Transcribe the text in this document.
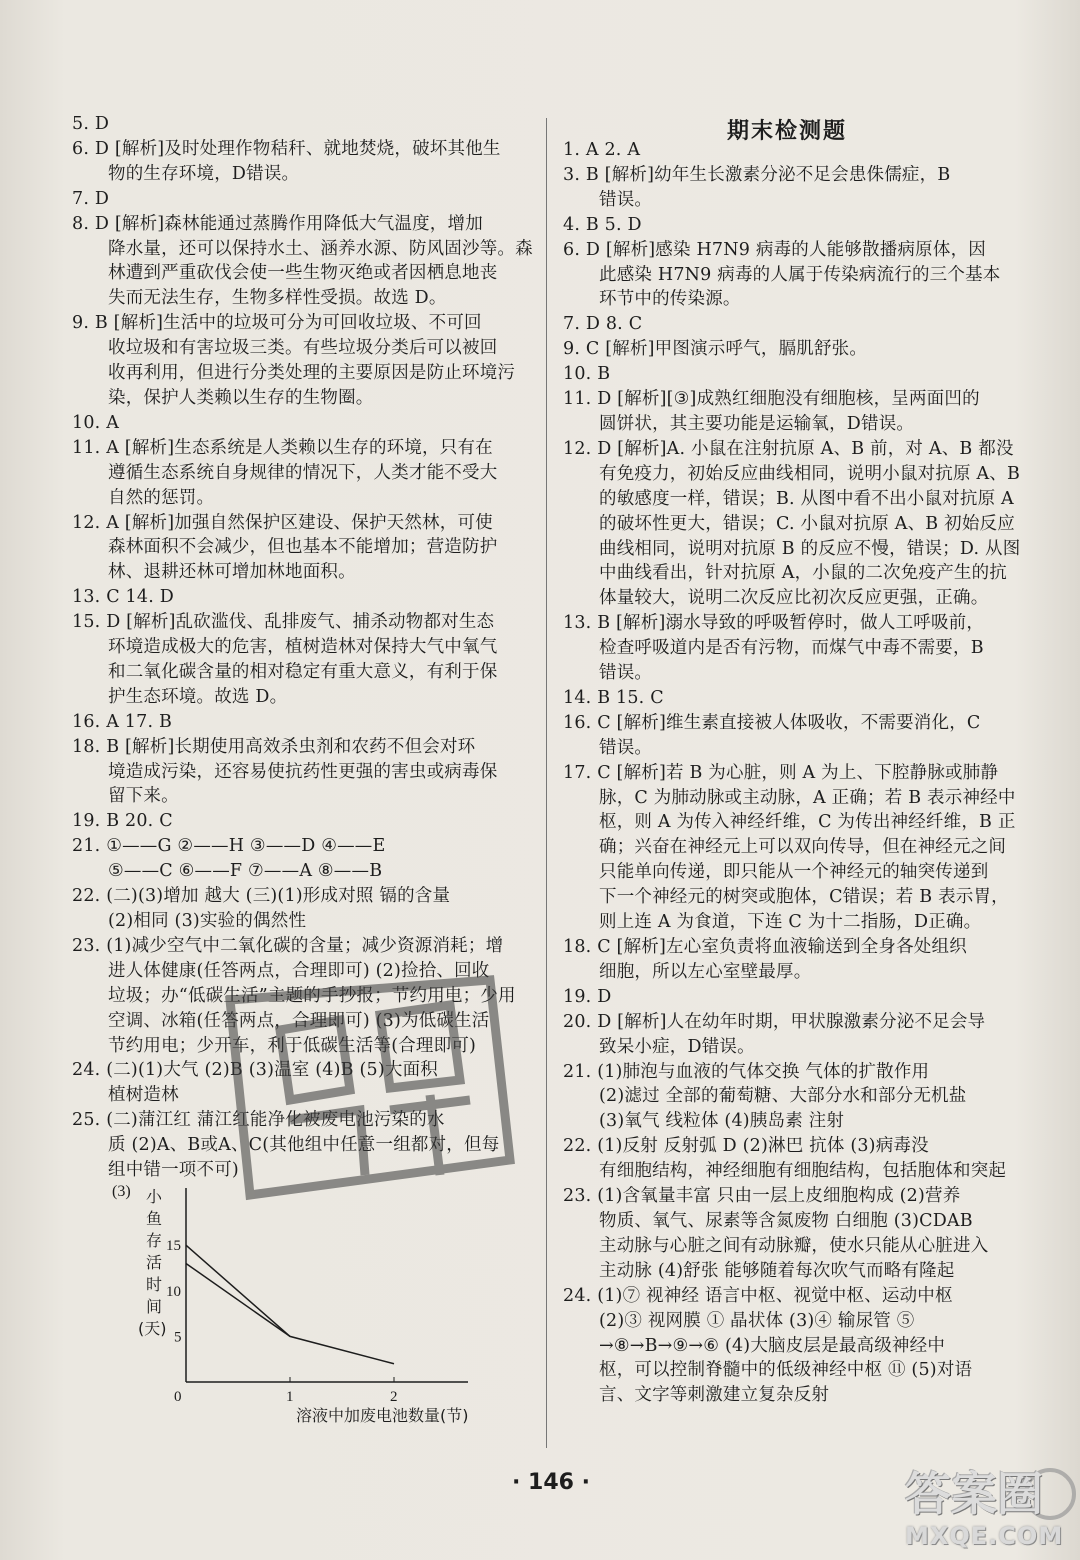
5. D
6. D [解析]及时处理作物秸秆、就地焚烧，破坏其他生
物的生存环境，D错误。
7. D
8. D [解析]森林能通过蒸腾作用降低大气温度，增加
降水量，还可以保持水土、涵养水源、防风固沙等。森
林遭到严重砍伐会使一些生物灭绝或者因栖息地丧
失而无法生存，生物多样性受损。故选 D。
9. B [解析]生活中的垃圾可分为可回收垃圾、不可回
收垃圾和有害垃圾三类。有些垃圾分类后可以被回
收再利用，但进行分类处理的主要原因是防止环境污
染，保护人类赖以生存的生物圈。
10. A
11. A [解析]生态系统是人类赖以生存的环境，只有在
遵循生态系统自身规律的情况下，人类才能不受大
自然的惩罚。
12. A [解析]加强自然保护区建设、保护天然林，可使
森林面积不会减少，但也基本不能增加；营造防护
林、退耕还林可增加林地面积。
13. C 14. D
15. D [解析]乱砍滥伐、乱排废气、捕杀动物都对生态
环境造成极大的危害，植树造林对保持大气中氧气
和二氧化碳含量的相对稳定有重大意义，有利于保
护生态环境。故选 D。
16. A 17. B
18. B [解析]长期使用高效杀虫剂和农药不但会对环
境造成污染，还容易使抗药性更强的害虫或病毒保
留下来。
19. B 20. C
21. ①——G ②——H ③——D ④——E
⑤——C ⑥——F ⑦——A ⑧——B
22. (二)(3)增加 越大 (三)(1)形成对照 镉的含量
(2)相同 (3)实验的偶然性
23. (1)减少空气中二氧化碳的含量；减少资源消耗；增
进人体健康(任答两点，合理即可) (2)捡拾、回收
垃圾；办“低碳生活”主题的手抄报；节约用电；少用
空调、冰箱(任答两点，合理即可) (3)为低碳生活
节约用电；少开车，利于低碳生活等(合理即可)
24. (二)(1)大气 (2)B (3)温室 (4)B (5)大面积
植树造林
25. (二)蒲江红 蒲江红能净化被废电池污染的水
质 (2)A、B或A、C(其他组中任意一组都对，但每
组中错一项不可)
期末检测题
1. A 2. A
3. B [解析]幼年生长激素分泌不足会患侏儒症，B
错误。
4. B 5. D
6. D [解析]感染 H7N9 病毒的人能够散播病原体，因
此感染 H7N9 病毒的人属于传染病流行的三个基本
环节中的传染源。
7. D 8. C
9. C [解析]甲图演示呼气，膈肌舒张。
10. B
11. D [解析][③]成熟红细胞没有细胞核，呈两面凹的
圆饼状，其主要功能是运输氧，D错误。
12. D [解析]A. 小鼠在注射抗原 A、B 前，对 A、B 都没
有免疫力，初始反应曲线相同，说明小鼠对抗原 A、B
的敏感度一样，错误；B. 从图中看不出小鼠对抗原 A
的破坏性更大，错误；C. 小鼠对抗原 A、B 初始反应
曲线相同，说明对抗原 B 的反应不慢，错误；D. 从图
中曲线看出，针对抗原 A，小鼠的二次免疫产生的抗
体量较大，说明二次反应比初次反应更强，正确。
13. B [解析]溺水导致的呼吸暂停时，做人工呼吸前，
检查呼吸道内是否有污物，而煤气中毒不需要，B
错误。
14. B 15. C
16. C [解析]维生素直接被人体吸收，不需要消化，C
错误。
17. C [解析]若 B 为心脏，则 A 为上、下腔静脉或肺静
脉，C 为肺动脉或主动脉，A 正确；若 B 表示神经中
枢，则 A 为传入神经纤维，C 为传出神经纤维，B 正
确；兴奋在神经元上可以双向传导，但在神经元之间
只能单向传递，即只能从一个神经元的轴突传递到
下一个神经元的树突或胞体，C错误；若 B 表示胃，
则上连 A 为食道，下连 C 为十二指肠，D正确。
18. C [解析]左心室负责将血液输送到全身各处组织
细胞，所以左心室壁最厚。
19. D
20. D [解析]人在幼年时期，甲状腺激素分泌不足会导
致呆小症，D错误。
21. (1)肺泡与血液的气体交换 气体的扩散作用
(2)滤过 全部的葡萄糖、大部分水和部分无机盐
(3)氧气 线粒体 (4)胰岛素 注射
22. (1)反射 反射弧 D (2)淋巴 抗体 (3)病毒没
有细胞结构，神经细胞有细胞结构，包括胞体和突起
23. (1)含氧量丰富 只由一层上皮细胞构成 (2)营养
物质、氧气、尿素等含氮废物 白细胞 (3)CDAB
主动脉与心脏之间有动脉瓣，使水只能从心脏进入
主动脉 (4)舒张 能够随着每次吹气而略有隆起
24. (1)⑦ 视神经 语言中枢、视觉中枢、运动中枢
(2)③ 视网膜 ① 晶状体 (3)④ 输尿管 ⑤
→⑧→B→⑨→⑥ (4)大脑皮层是最高级神经中
枢，可以控制脊髓中的低级神经中枢 ⑪ (5)对语
言、文字等刺激建立复杂反射
(3) 小
鱼
存
活
时
间
(天) 5
10
15
0	1	2
溶液中加废电池数量(节)
· 146 ·	答案圈
MXQE.COM
